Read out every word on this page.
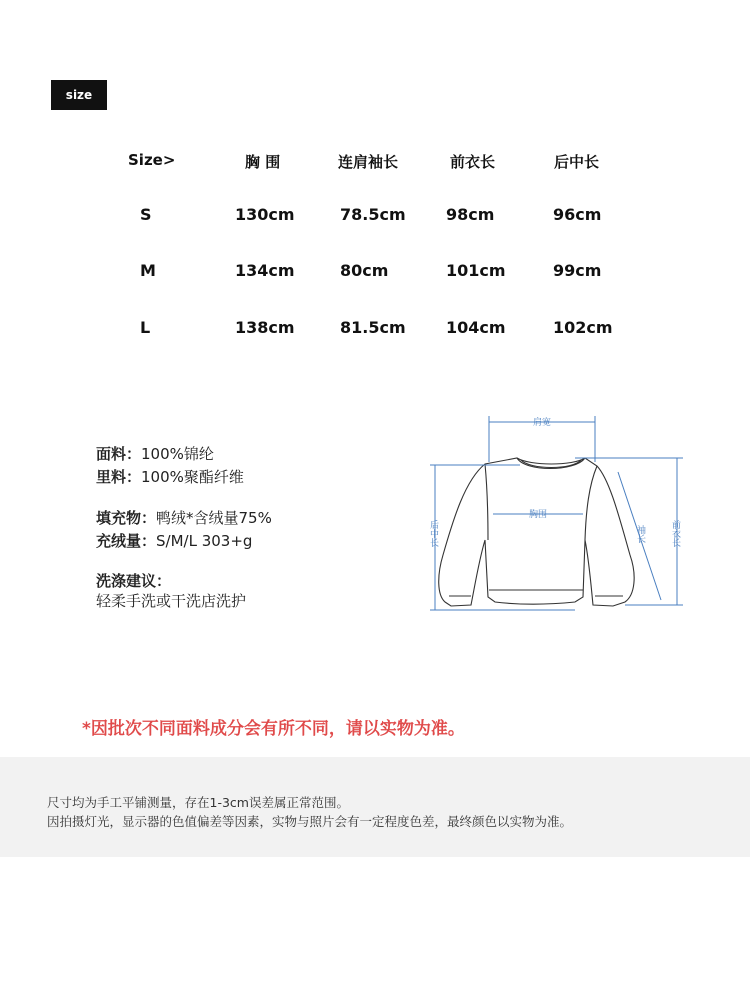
size
Size>	胸 围	连肩袖长	前衣长	后中长
S	130cm	78.5cm	98cm	96cm
M	134cm	80cm	101cm	99cm
L	138cm	81.5cm	104cm	102cm
面料：100%锦纶
里料：100%聚酯纤维
填充物：鸭绒*含绒量75%
充绒量：S/M/L 303+g
洗涤建议：
轻柔手洗或干洗店洗护
肩宽
胸围
后中长	袖长	前衣长
*因批次不同面料成分会有所不同，请以实物为准。

尺寸均为手工平铺测量，存在1-3cm误差属正常范围。

因拍摄灯光，显示器的色值偏差等因素，实物与照片会有一定程度色差，最终颜色以实物为准。
